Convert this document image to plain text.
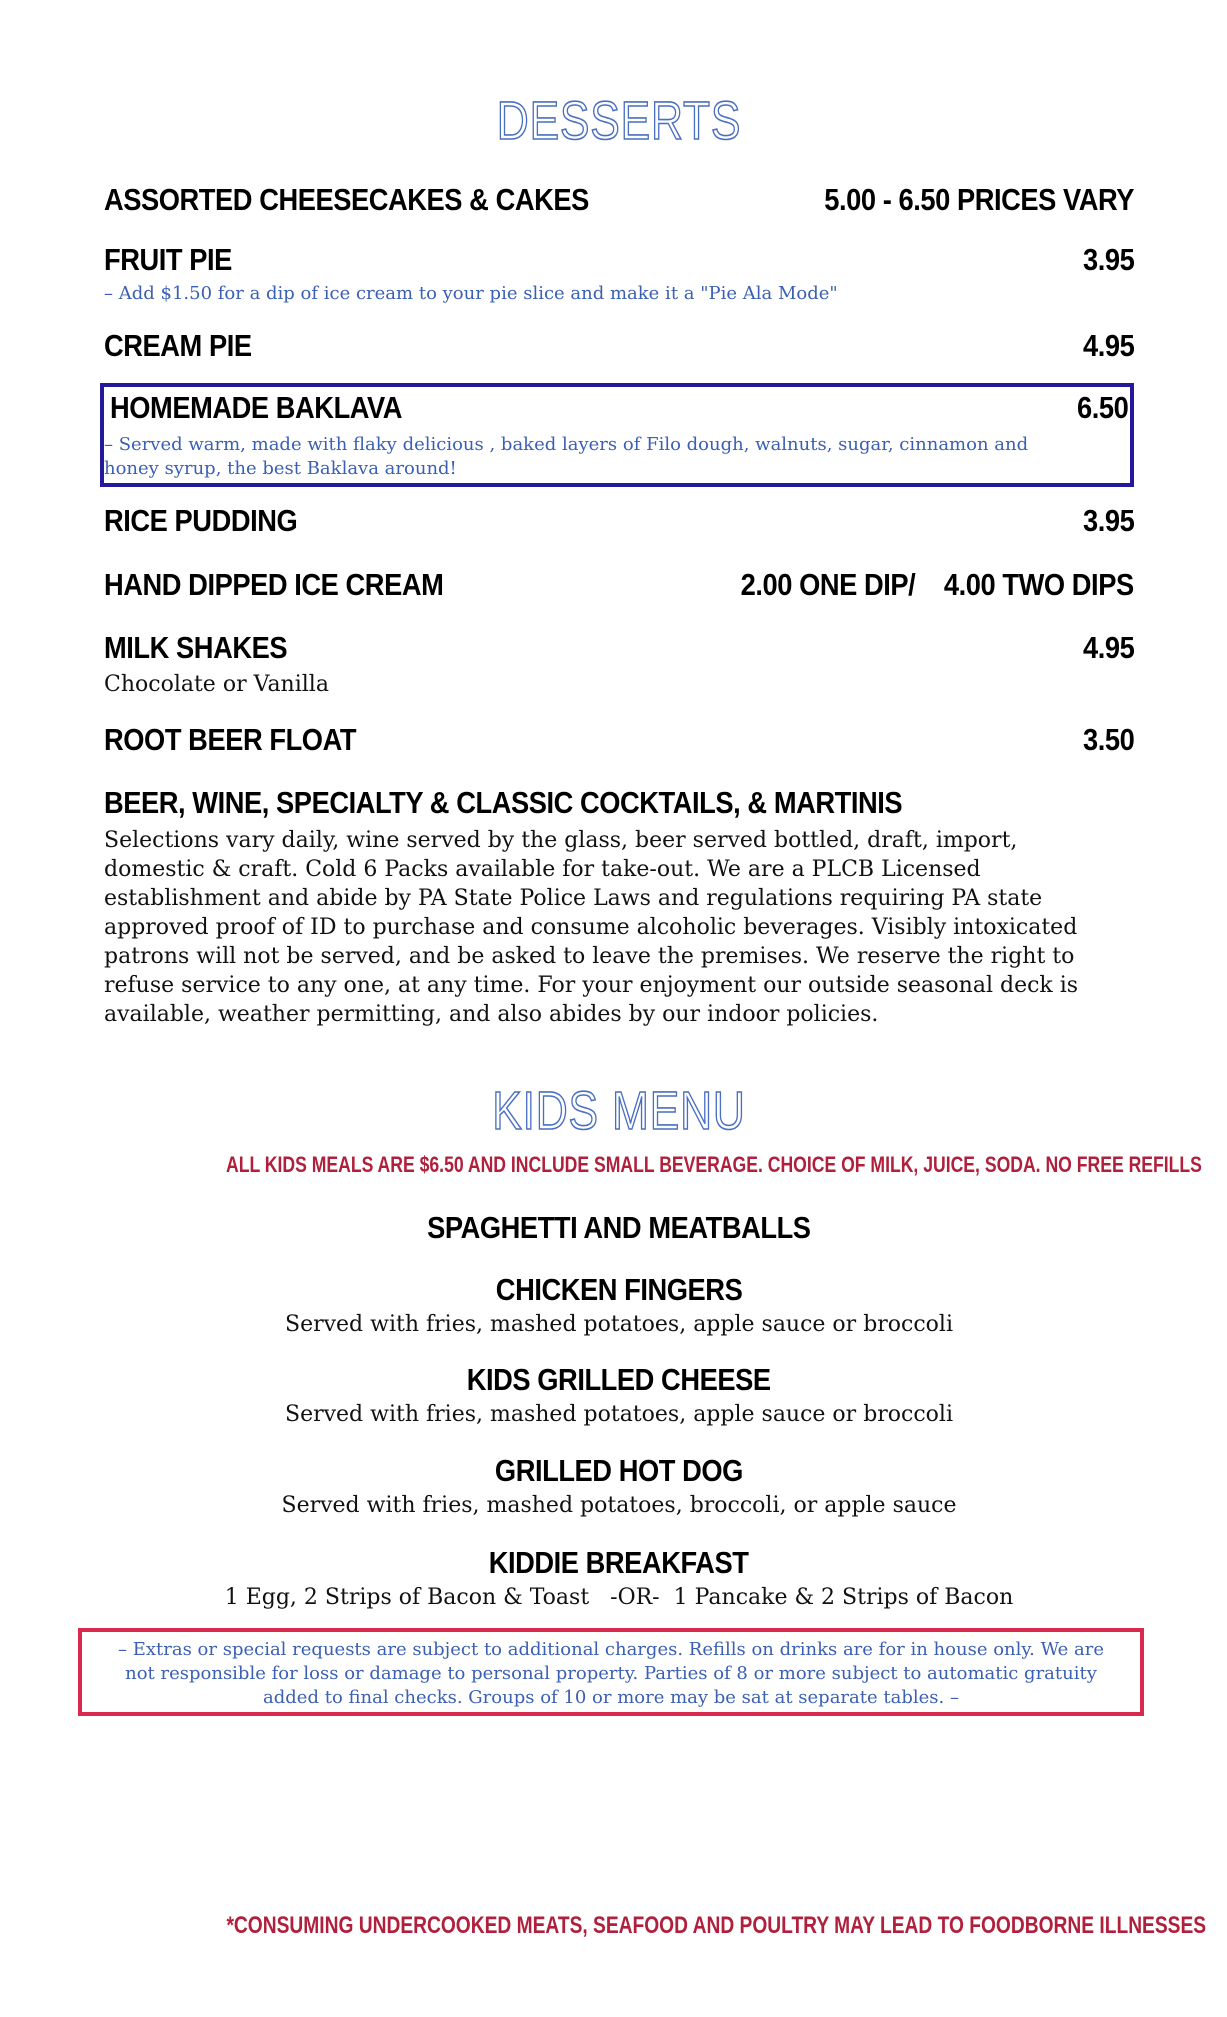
DESSERTS
ASSORTED CHEESECAKES & CAKES	5.00 - 6.50 PRICES VARY
FRUIT PIE	3.95
– Add $1.50 for a dip of ice cream to your pie slice and make it a "Pie Ala Mode"
CREAM PIE	4.95
HOMEMADE BAKLAVA	6.50
– Served warm, made with flaky delicious , baked layers of Filo dough, walnuts, sugar, cinnamon and honey syrup, the best Baklava around!
RICE PUDDING	3.95
HAND DIPPED ICE CREAM	2.00 ONE DIP/    4.00 TWO DIPS
MILK SHAKES	4.95
Chocolate or Vanilla
ROOT BEER FLOAT	3.50
BEER, WINE, SPECIALTY & CLASSIC COCKTAILS, & MARTINIS
Selections vary daily, wine served by the glass, beer served bottled, draft, import, domestic & craft. Cold 6 Packs available for take-out. We are a PLCB Licensed establishment and abide by PA State Police Laws and regulations requiring PA state approved proof of ID to purchase and consume alcoholic beverages. Visibly intoxicated patrons will not be served, and be asked to leave the premises. We reserve the right to refuse service to any one, at any time. For your enjoyment our outside seasonal deck is available, weather permitting, and also abides by our indoor policies.
KIDS MENU
ALL KIDS MEALS ARE $6.50 AND INCLUDE SMALL BEVERAGE. CHOICE OF MILK, JUICE, SODA. NO FREE REFILLS
SPAGHETTI AND MEATBALLS
CHICKEN FINGERS
Served with fries, mashed potatoes, apple sauce or broccoli
KIDS GRILLED CHEESE
Served with fries, mashed potatoes, apple sauce or broccoli
GRILLED HOT DOG
Served with fries, mashed potatoes, broccoli, or apple sauce
KIDDIE BREAKFAST
1 Egg, 2 Strips of Bacon & Toast   -OR-  1 Pancake & 2 Strips of Bacon
– Extras or special requests are subject to additional charges. Refills on drinks are for in house only. We are not responsible for loss or damage to personal property. Parties of 8 or more subject to automatic gratuity added to final checks. Groups of 10 or more may be sat at separate tables. –
*CONSUMING UNDERCOOKED MEATS, SEAFOOD AND POULTRY MAY LEAD TO FOODBORNE ILLNESSES
